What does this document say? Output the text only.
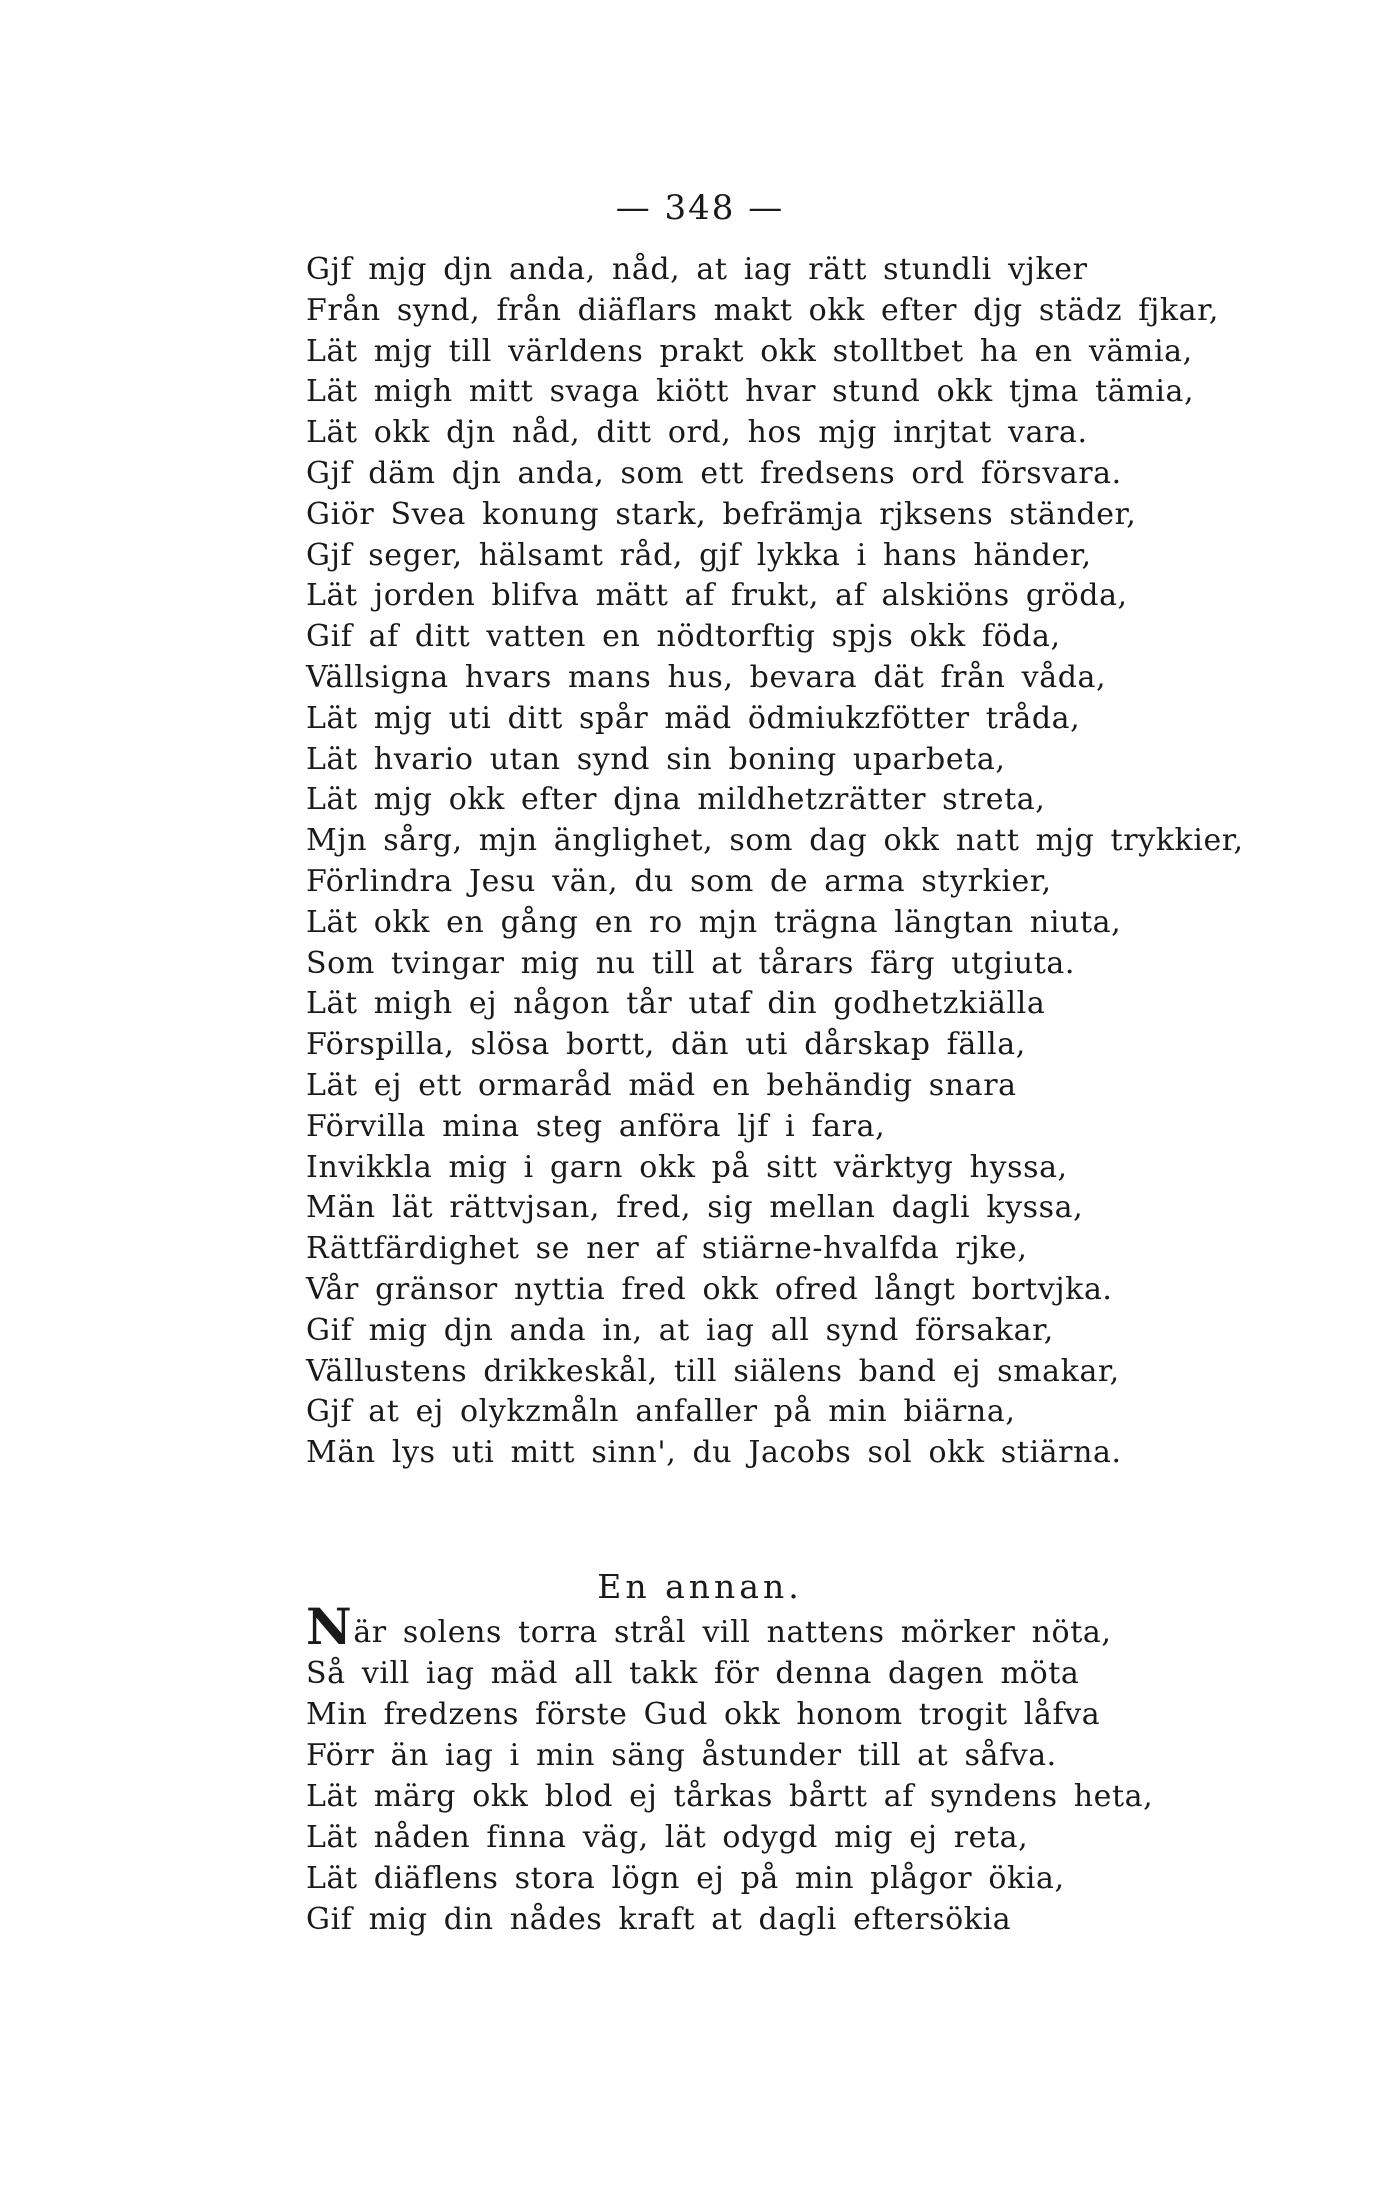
— 348 —
Gjf mjg djn anda, nåd, at iag rätt stundli vjker
Från synd, från diäflars makt okk efter djg städz fjkar,
Lät mjg till världens prakt okk stolltbet ha en vämia,
Lät migh mitt svaga kiött hvar stund okk tjma tämia,
Lät okk djn nåd, ditt ord, hos mjg inrjtat vara.
Gjf däm djn anda, som ett fredsens ord försvara.
Giör Svea konung stark, befrämja rjksens ständer,
Gjf seger, hälsamt råd, gjf lykka i hans händer,
Lät jorden blifva mätt af frukt, af alskiöns gröda,
Gif af ditt vatten en nödtorftig spjs okk föda,
Vällsigna hvars mans hus, bevara dät från våda,
Lät mjg uti ditt spår mäd ödmiukzfötter tråda,
Lät hvario utan synd sin boning uparbeta,
Lät mjg okk efter djna mildhetzrätter streta,
Mjn sårg, mjn änglighet, som dag okk natt mjg trykkier,
Förlindra Jesu vän, du som de arma styrkier,
Lät okk en gång en ro mjn trägna längtan niuta,
Som tvingar mig nu till at tårars färg utgiuta.
Lät migh ej någon tår utaf din godhetzkiälla
Förspilla, slösa bortt, dän uti dårskap fälla,
Lät ej ett ormaråd mäd en behändig snara
Förvilla mina steg anföra ljf i fara,
Invikkla mig i garn okk på sitt värktyg hyssa,
Män lät rättvjsan, fred, sig mellan dagli kyssa,
Rättfärdighet se ner af stiärne-hvalfda rjke,
Vår gränsor nyttia fred okk ofred långt bortvjka.
Gif mig djn anda in, at iag all synd försakar,
Vällustens drikkeskål, till siälens band ej smakar,
Gjf at ej olykzmåln anfaller på min biärna,
Män lys uti mitt sinn', du Jacobs sol okk stiärna.
En annan.
När solens torra strål vill nattens mörker nöta,
Så vill iag mäd all takk för denna dagen möta
Min fredzens förste Gud okk honom trogit låfva
Förr än iag i min säng åstunder till at såfva.
Lät märg okk blod ej tårkas bårtt af syndens heta,
Lät nåden finna väg, lät odygd mig ej reta,
Lät diäflens stora lögn ej på min plågor ökia,
Gif mig din nådes kraft at dagli eftersökia
